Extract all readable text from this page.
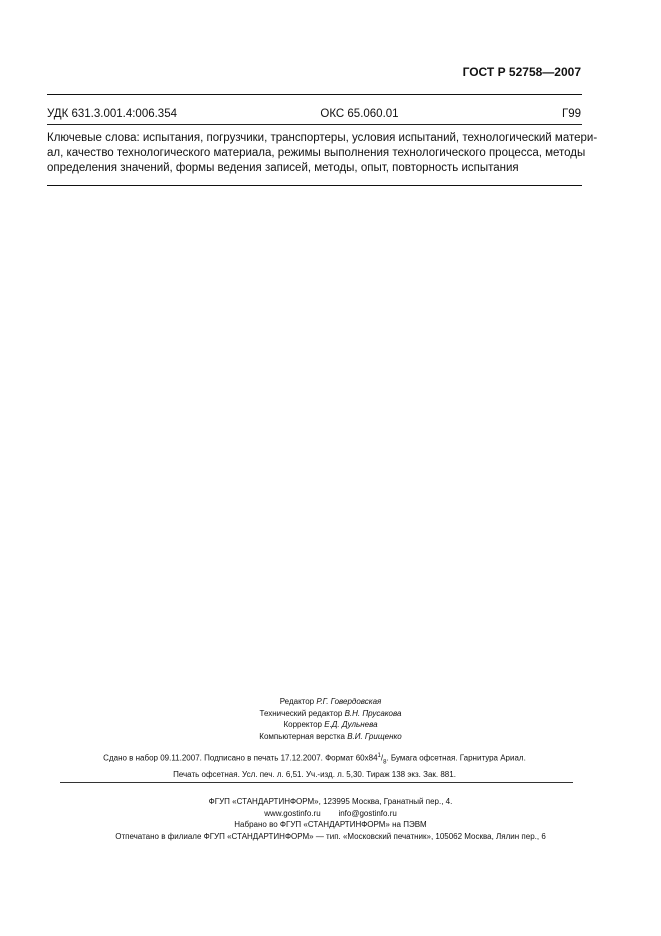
ГОСТ Р 52758—2007
УДК 631.3.001.4:006.354	ОКС 65.060.01	Г99
Ключевые слова: испытания, погрузчики, транспортеры, условия испытаний, технологический матери-
ал, качество технологического материала, режимы выполнения технологического процесса, методы
определения значений, формы ведения записей, методы, опыт, повторность испытания
Редактор Р.Г. Говердовская
Технический редактор В.Н. Прусакова
Корректор Е.Д. Дульнева
Компьютерная верстка В.И. Грищенко
Сдано в набор 09.11.2007. Подписано в печать 17.12.2007. Формат $60х84^1/_8$. Бумага офсетная. Гарнитура Ариал.
Печать офсетная. Усл. печ. л. 6,51. Уч.-изд. л. 5,30. Тираж 138 экз. Зак. 881.
ФГУП «СТАНДАРТИНФОРМ», 123995 Москва, Гранатный пер., 4.
www.gostinfo.ru info@gostinfo.ru
Набрано во ФГУП «СТАНДАРТИНФОРМ» на ПЭВМ
Отпечатано в филиале ФГУП «СТАНДАРТИНФОРМ» — тип. «Московский печатник», 105062 Москва, Лялин пер., 6
